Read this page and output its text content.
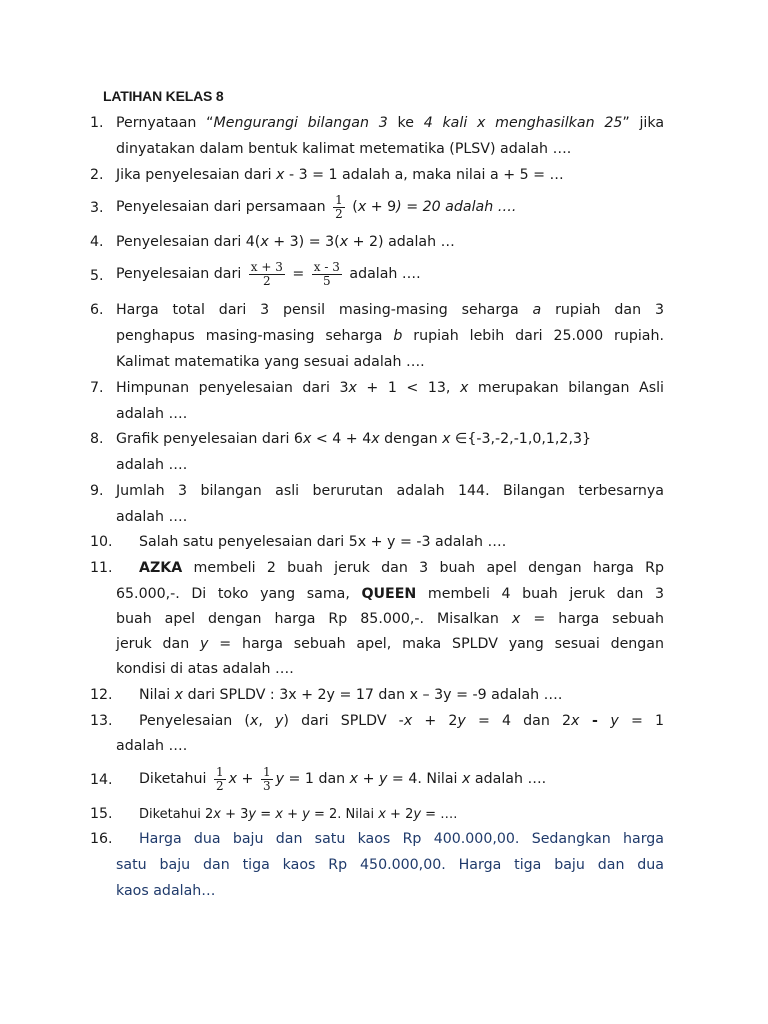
LATIHAN KELAS 8
1. Pernyataan “Mengurangi bilangan 3 ke 4 kali x menghasilkan 25” jika
dinyatakan dalam bentuk kalimat metematika (PLSV) adalah ….
2. Jika penyelesaian dari x - 3 = 1 adalah a, maka nilai a + 5 = …
3. Penyelesaian dari persamaan $\frac{1}{2} (x + 9) = 20$ adalah ….
4. Penyelesaian dari 4(x + 3) = 3(x + 2) adalah …
5. Penyelesaian dari $\frac{x + 3}{2} = \frac{x - 3}{5}$ adalah ….
6. Harga total dari 3 pensil masing-masing seharga a rupiah dan 3
penghapus masing-masing seharga b rupiah lebih dari 25.000 rupiah.
Kalimat matematika yang sesuai adalah ….
7. Himpunan penyelesaian dari 3x + 1 < 13, x merupakan bilangan Asli
adalah ….
8. Grafik penyelesaian dari 6x < 4 + 4x dengan x ∈{-3,-2,-1,0,1,2,3}
adalah ….
9. Jumlah 3 bilangan asli berurutan adalah 144. Bilangan terbesarnya
adalah ….
10. Salah satu penyelesaian dari 5x + y = -3 adalah ….
11. AZKA membeli 2 buah jeruk dan 3 buah apel dengan harga Rp
65.000,-. Di toko yang sama, QUEEN membeli 4 buah jeruk dan 3
buah apel dengan harga Rp 85.000,-. Misalkan x = harga sebuah
jeruk dan y = harga sebuah apel, maka SPLDV yang sesuai dengan
kondisi di atas adalah ….
12. Nilai x dari SPLDV : 3x + 2y = 17 dan x – 3y = -9 adalah ….
13. Penyelesaian (x, y) dari SPLDV -x + 2y = 4 dan 2x - y = 1
adalah ….
14. Diketahui $\frac{1}{2}$ $x + \frac{1}{3}$ y = 1 dan x + y = 4. Nilai x adalah ….
15. Diketahui 2x + 3y = x + y = 2. Nilai x + 2y = ….
16. Harga dua baju dan satu kaos Rp 400.000,00. Sedangkan harga
satu baju dan tiga kaos Rp 450.000,00. Harga tiga baju dan dua
kaos adalah…
